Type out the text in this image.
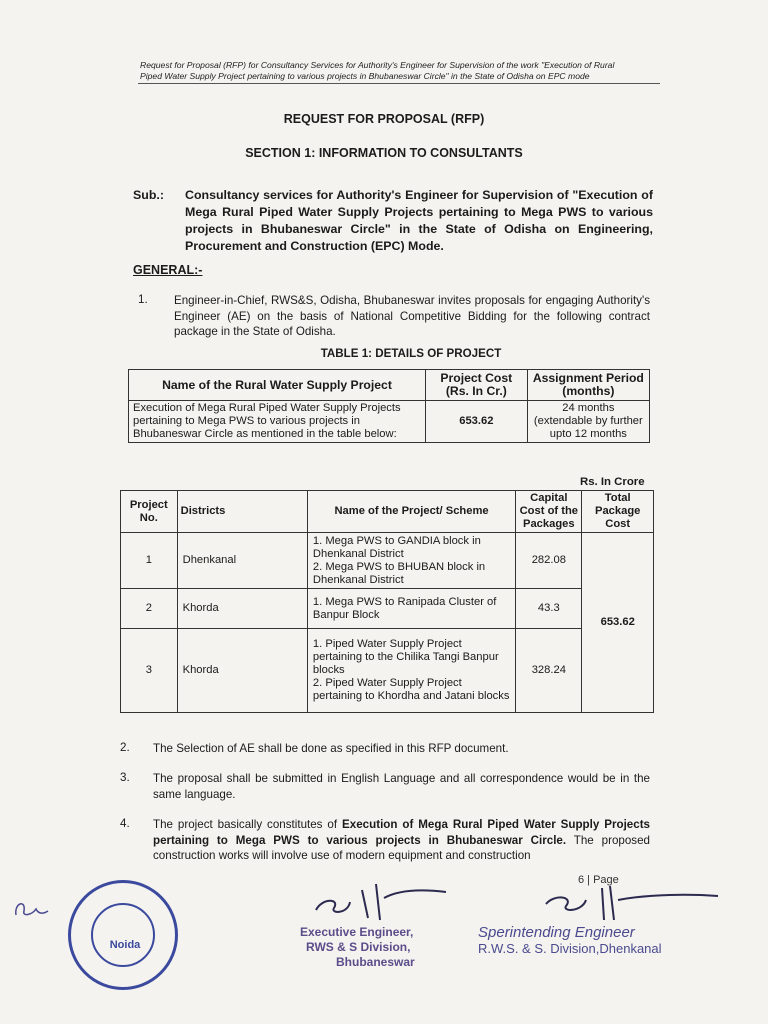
Request for Proposal (RFP) for Consultancy Services for Authority's Engineer for Supervision of the work "Execution of Rural
Piped Water Supply Project pertaining to various projects in Bhubaneswar Circle" in the State of Odisha on EPC mode
REQUEST FOR PROPOSAL (RFP)
SECTION 1: INFORMATION TO CONSULTANTS
Sub.: Consultancy services for Authority's Engineer for Supervision of "Execution of Mega Rural Piped Water Supply Projects pertaining to Mega PWS to various projects in Bhubaneswar Circle" in the State of Odisha on Engineering, Procurement and Construction (EPC) Mode.
GENERAL:-
1. Engineer-in-Chief, RWS&S, Odisha, Bhubaneswar invites proposals for engaging Authority's Engineer (AE) on the basis of National Competitive Bidding for the following contract package in the State of Odisha.
TABLE 1: DETAILS OF PROJECT
Name of the Rural Water Supply Project	Project Cost (Rs. In Cr.)	Assignment Period (months)
Execution of Mega Rural Piped Water Supply Projects pertaining to Mega PWS to various projects in Bhubaneswar Circle as mentioned in the table below:	653.62	24 months (extendable by further upto 12 months
Rs. In Crore
Project No.	Districts	Name of the Project/ Scheme	Capital Cost of the Packages	Total Package Cost
1	Dhenkanal	1. Mega PWS to GANDIA block in Dhenkanal District
2. Mega PWS to BHUBAN block in Dhenkanal District	282.08	653.62
2	Khorda	1. Mega PWS to Ranipada Cluster of Banpur Block	43.3	
3	Khorda	1. Piped Water Supply Project pertaining to the Chilika Tangi Banpur blocks
2. Piped Water Supply Project pertaining to Khordha and Jatani blocks	328.24	
2. The Selection of AE shall be done as specified in this RFP document.
3. The proposal shall be submitted in English Language and all correspondence would be in the same language.
4. The project basically constitutes of Execution of Mega Rural Piped Water Supply Projects pertaining to Mega PWS to various projects in Bhubaneswar Circle. The proposed construction works will involve use of modern equipment and construction
6 | Page
Noida
Executive Engineer,
RWS & S Division,
Bhubaneswar
Sperintending Engineer
R.W.S. & S. Division,Dhenkanal
